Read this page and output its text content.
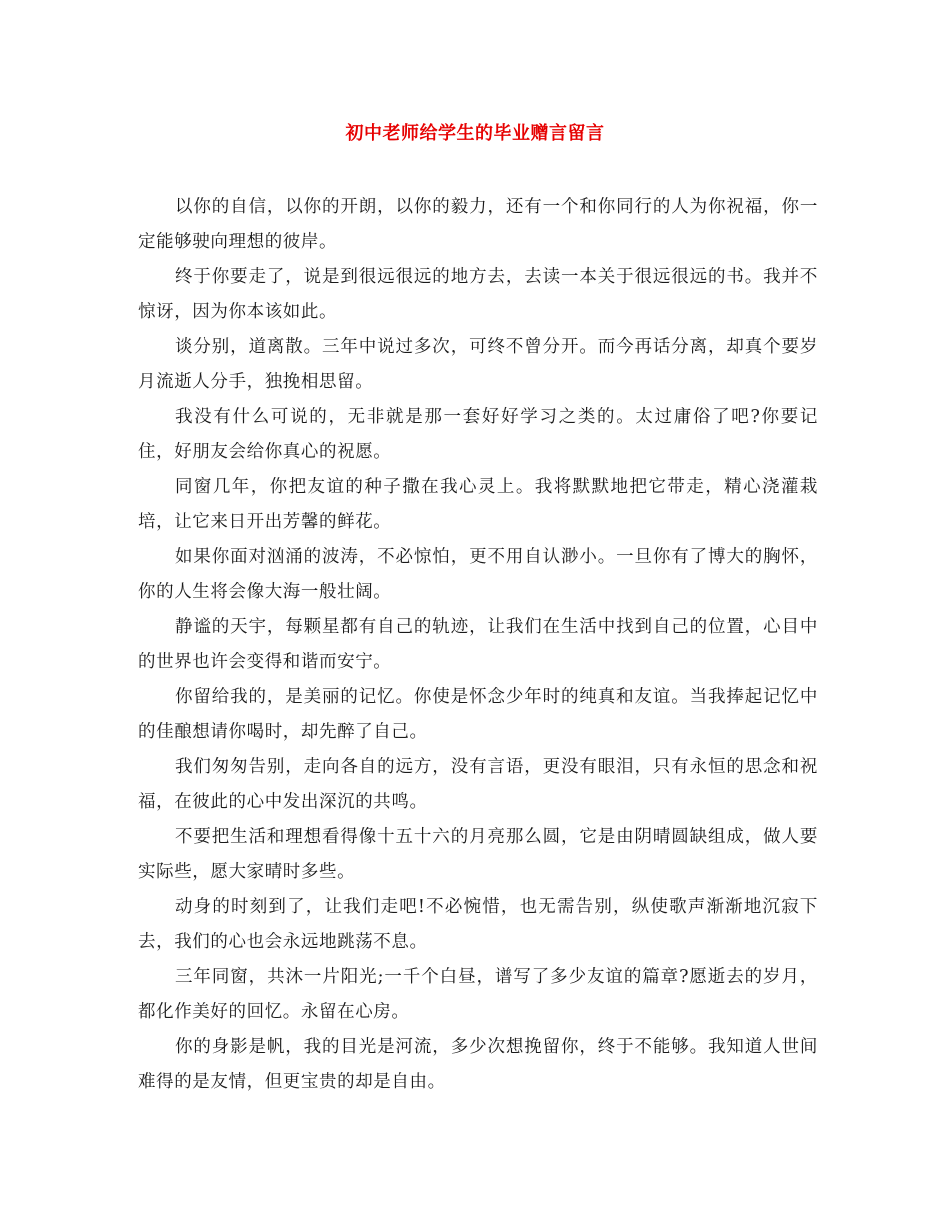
初中老师给学生的毕业赠言留言

以你的自信，以你的开朗，以你的毅力，还有一个和你同行的人为你祝福，你一定能够驶向理想的彼岸。

终于你要走了，说是到很远很远的地方去，去读一本关于很远很远的书。我并不惊讶，因为你本该如此。

谈分别，道离散。三年中说过多次，可终不曾分开。而今再话分离，却真个要岁月流逝人分手，独挽相思留。

我没有什么可说的，无非就是那一套好好学习之类的。太过庸俗了吧?你要记住，好朋友会给你真心的祝愿。

同窗几年，你把友谊的种子撒在我心灵上。我将默默地把它带走，精心浇灌栽培，让它来日开出芳馨的鲜花。

如果你面对汹涌的波涛，不必惊怕，更不用自认渺小。一旦你有了博大的胸怀，你的人生将会像大海一般壮阔。

静谧的天宇，每颗星都有自己的轨迹，让我们在生活中找到自己的位置，心目中的世界也许会变得和谐而安宁。

你留给我的，是美丽的记忆。你使是怀念少年时的纯真和友谊。当我捧起记忆中的佳酿想请你喝时，却先醉了自己。

我们匆匆告别，走向各自的远方，没有言语，更没有眼泪，只有永恒的思念和祝福，在彼此的心中发出深沉的共鸣。

不要把生活和理想看得像十五十六的月亮那么圆，它是由阴晴圆缺组成，做人要实际些，愿大家晴时多些。

动身的时刻到了，让我们走吧!不必惋惜，也无需告别，纵使歌声渐渐地沉寂下去，我们的心也会永远地跳荡不息。

三年同窗，共沐一片阳光;一千个白昼，谱写了多少友谊的篇章?愿逝去的岁月，都化作美好的回忆。永留在心房。

你的身影是帆，我的目光是河流，多少次想挽留你，终于不能够。我知道人世间难得的是友情，但更宝贵的却是自由。
